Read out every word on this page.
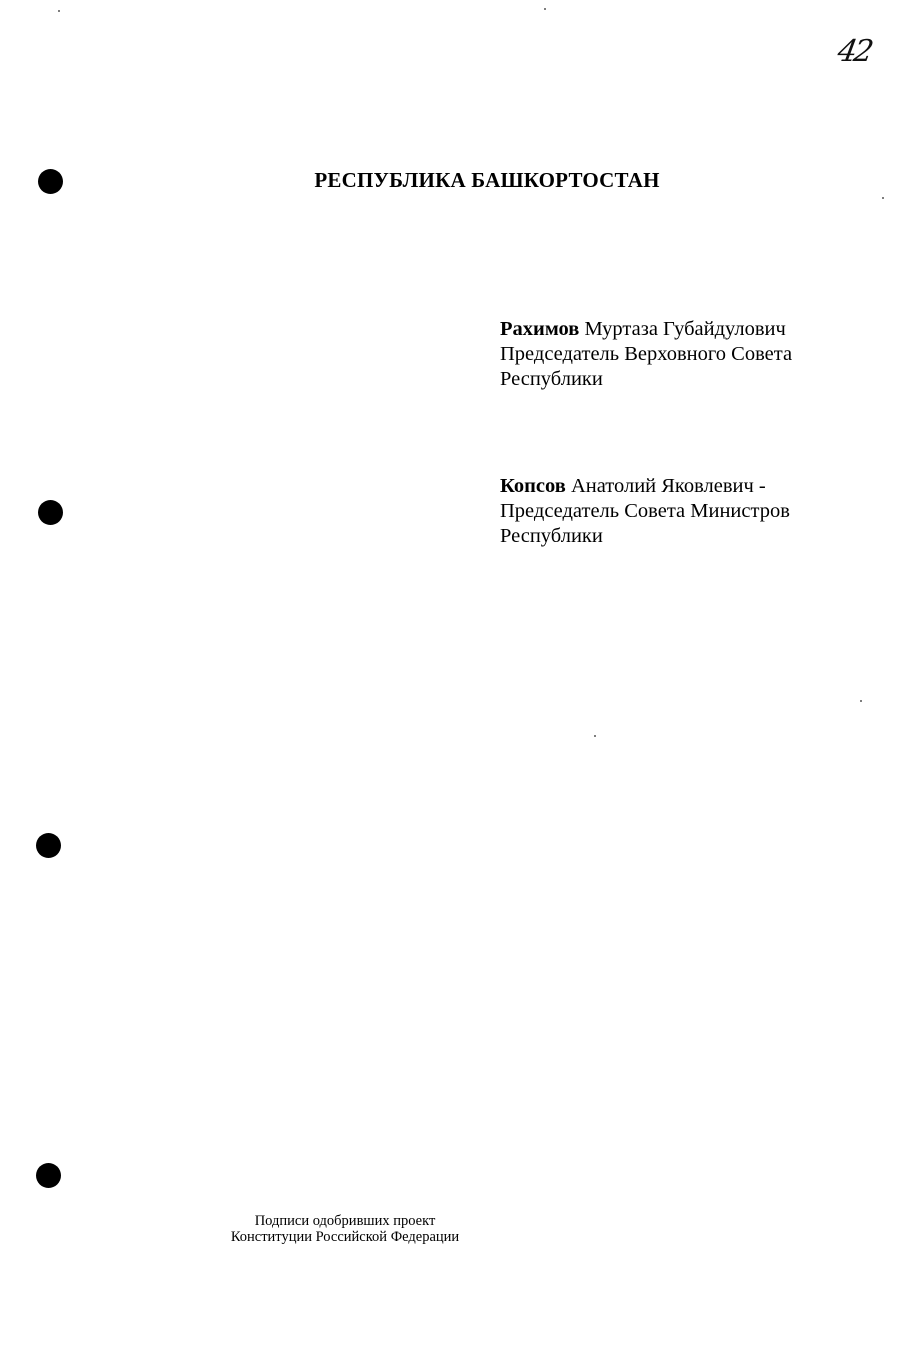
42
РЕСПУБЛИКА БАШКОРТОСТАН
Рахимов Муртаза Губайдулович
Председатель Верховного Совета
Республики
Копсов Анатолий Яковлевич -
Председатель Совета Министров
Республики
Подписи одобривших проект
Конституции Российской Федерации
